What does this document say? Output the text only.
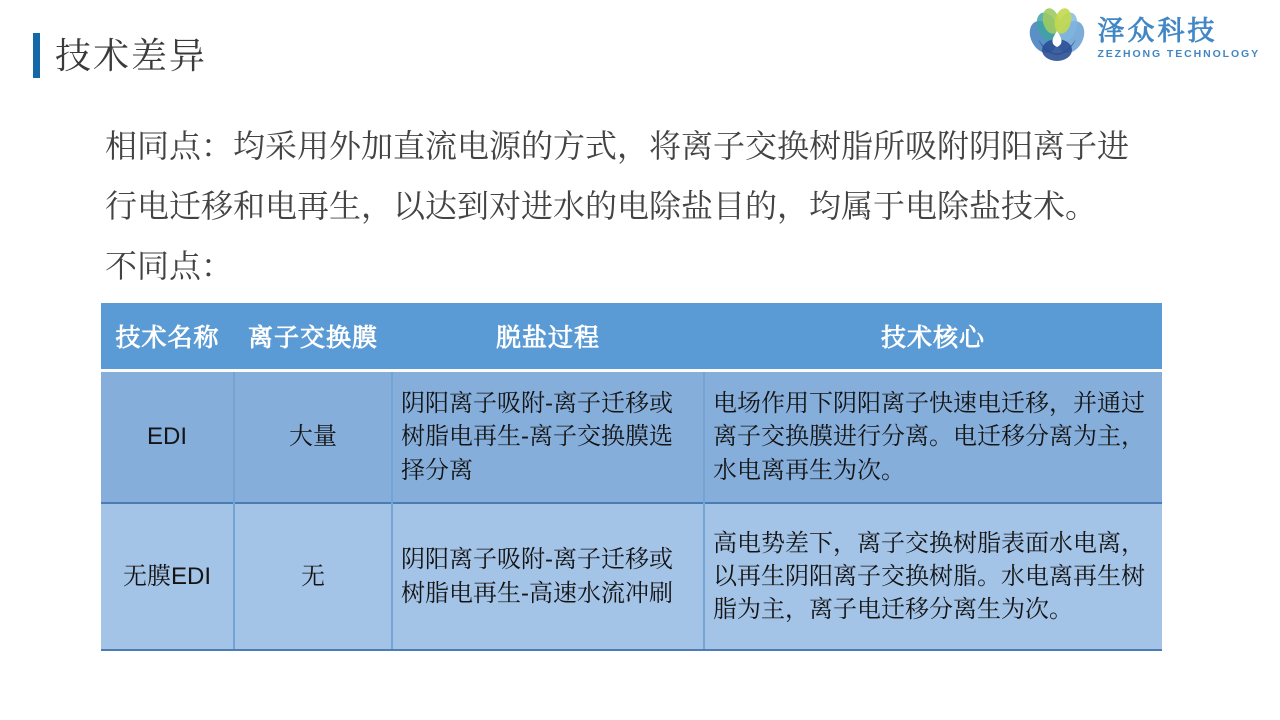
技术差异
泽众科技
ZEZHONG TECHNOLOGY
相同点：均采用外加直流电源的方式，将离子交换树脂所吸附阴阳离子进行电迁移和电再生，以达到对进水的电除盐目的，均属于电除盐技术。
不同点：
技术名称	离子交换膜	脱盐过程	技术核心
EDI	大量	阴阳离子吸附-离子迁移或树脂电再生-离子交换膜选择分离	电场作用下阴阳离子快速电迁移，并通过离子交换膜进行分离。电迁移分离为主，水电离再生为次。
无膜EDI	无	阴阳离子吸附-离子迁移或树脂电再生-高速水流冲刷	高电势差下，离子交换树脂表面水电离，以再生阴阳离子交换树脂。水电离再生树脂为主，离子电迁移分离生为次。
